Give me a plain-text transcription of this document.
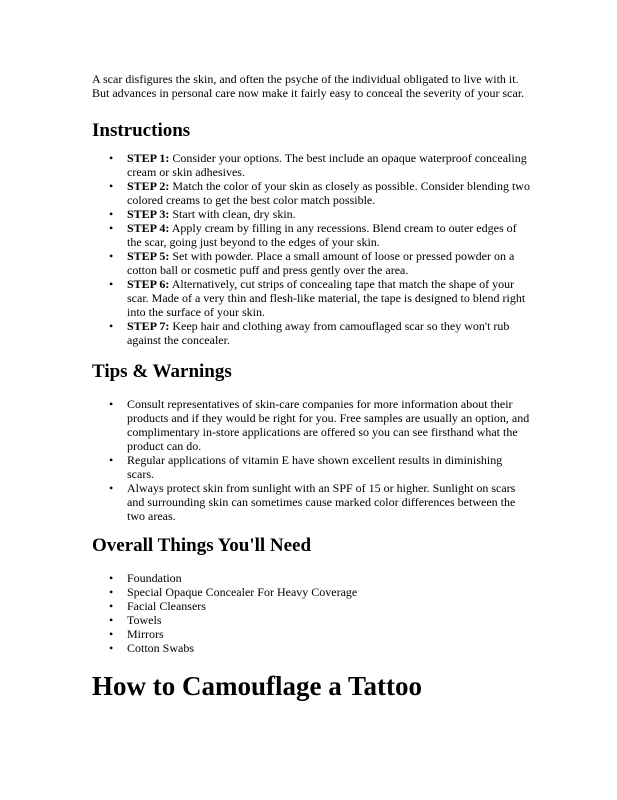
A scar disfigures the skin, and often the psyche of the individual obligated to live with it. But advances in personal care now make it fairly easy to conceal the severity of your scar.

Instructions
• STEP 1: Consider your options. The best include an opaque waterproof concealing cream or skin adhesives.
• STEP 2: Match the color of your skin as closely as possible. Consider blending two colored creams to get the best color match possible.
• STEP 3: Start with clean, dry skin.
• STEP 4: Apply cream by filling in any recessions. Blend cream to outer edges of the scar, going just beyond to the edges of your skin.
• STEP 5: Set with powder. Place a small amount of loose or pressed powder on a cotton ball or cosmetic puff and press gently over the area.
• STEP 6: Alternatively, cut strips of concealing tape that match the shape of your scar. Made of a very thin and flesh-like material, the tape is designed to blend right into the surface of your skin.
• STEP 7: Keep hair and clothing away from camouflaged scar so they won't rub against the concealer.
Tips & Warnings
• Consult representatives of skin-care companies for more information about their products and if they would be right for you. Free samples are usually an option, and complimentary in-store applications are offered so you can see firsthand what the product can do.
• Regular applications of vitamin E have shown excellent results in diminishing scars.
• Always protect skin from sunlight with an SPF of 15 or higher. Sunlight on scars and surrounding skin can sometimes cause marked color differences between the two areas.
Overall Things You'll Need
• Foundation
• Special Opaque Concealer For Heavy Coverage
• Facial Cleansers
• Towels
• Mirrors
• Cotton Swabs
How to Camouflage a Tattoo
